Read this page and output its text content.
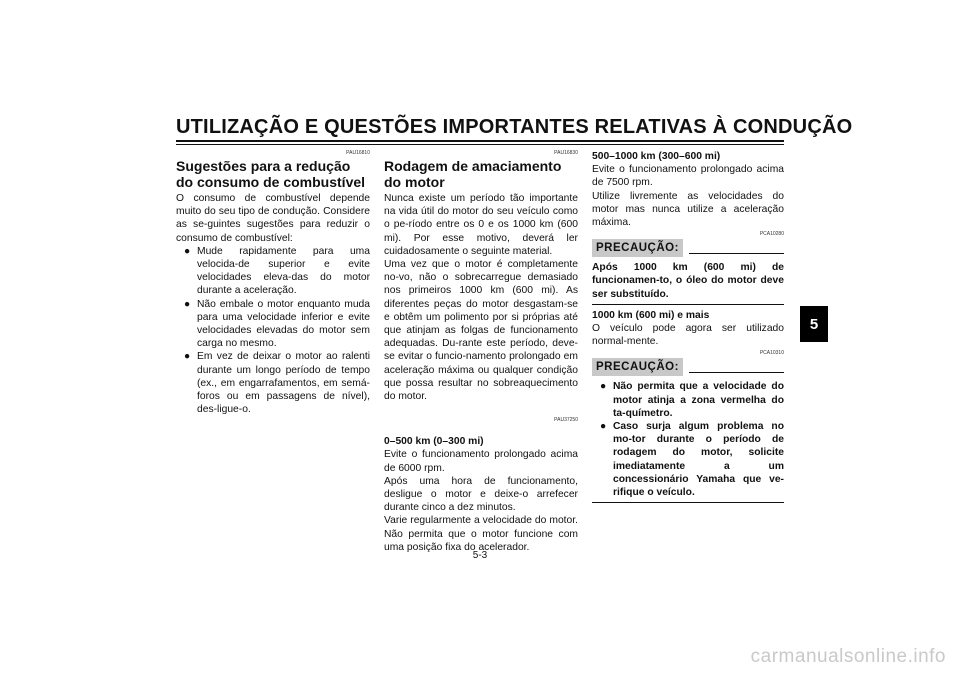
UTILIZAÇÃO E QUESTÕES IMPORTANTES RELATIVAS À CONDUÇÃO
5
PAU16810
Sugestões para a redução do consumo de combustível

O consumo de combustível depende muito do seu tipo de condução. Considere as se-guintes sugestões para reduzir o consumo de combustível:

● Mude rapidamente para uma velocida-de superior e evite velocidades eleva-das do motor durante a aceleração.
● Não embale o motor enquanto muda para uma velocidade inferior e evite velocidades elevadas do motor sem carga no mesmo.
● Em vez de deixar o motor ao ralenti durante um longo período de tempo (ex., em engarrafamentos, em semá-foros ou em passagens de nível), des-ligue-o.
PAU16830
Rodagem de amaciamento do motor

Nunca existe um período tão importante na vida útil do motor do seu veículo como o pe-ríodo entre os 0 e os 1000 km (600 mi). Por esse motivo, deverá ler cuidadosamente o seguinte material.

Uma vez que o motor é completamente no-vo, não o sobrecarregue demasiado nos primeiros 1000 km (600 mi). As diferentes peças do motor desgastam-se e obtêm um polimento por si próprias até que atinjam as folgas de funcionamento adequadas. Du-rante este período, deve-se evitar o funcio-namento prolongado em aceleração máxima ou qualquer condição que possa resultar no sobreaquecimento do motor.

PAU37250

0–500 km (0–300 mi)

Evite o funcionamento prolongado acima de 6000 rpm.

Após uma hora de funcionamento, desligue o motor e deixe-o arrefecer durante cinco a dez minutos.

Varie regularmente a velocidade do motor. Não permita que o motor funcione com uma posição fixa do acelerador.

500–1000 km (300–600 mi)

Evite o funcionamento prolongado acima de 7500 rpm.

Utilize livremente as velocidades do motor mas nunca utilize a aceleração máxima.

PCA10280
PRECAUÇÃO:

Após 1000 km (600 mi) de funcionamen-to, o óleo do motor deve ser substituído.

1000 km (600 mi) e mais

O veículo pode agora ser utilizado normal-mente.

PCA10310
PRECAUÇÃO:
● Não permita que a velocidade do motor atinja a zona vermelha do ta-químetro.
● Caso surja algum problema no mo-tor durante o período de rodagem do motor, solicite imediatamente a um concessionário Yamaha que ve-rifique o veículo.
5-3
carmanualsonline.info
